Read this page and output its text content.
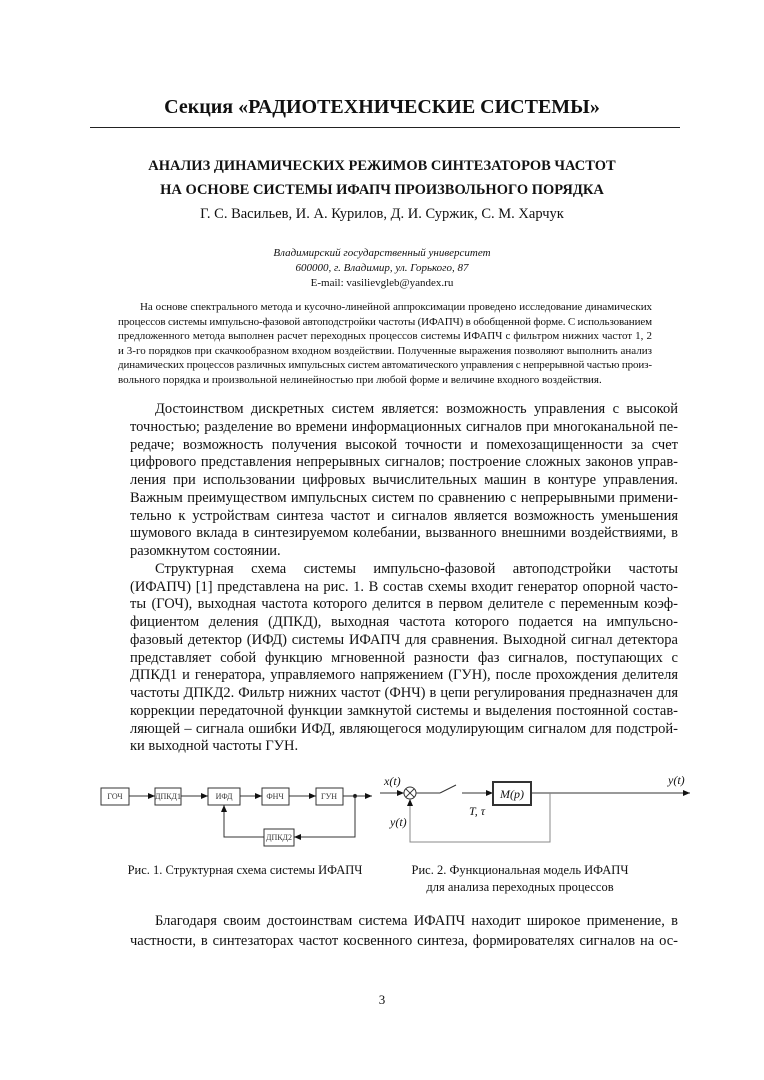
Секция «РАДИОТЕХНИЧЕСКИЕ СИСТЕМЫ»
АНАЛИЗ ДИНАМИЧЕСКИХ РЕЖИМОВ СИНТЕЗАТОРОВ ЧАСТОТ
НА ОСНОВЕ СИСТЕМЫ ИФАПЧ ПРОИЗВОЛЬНОГО ПОРЯДКА
Г. С. Васильев, И. А. Курилов, Д. И. Суржик, С. М. Харчук
Владимирский государственный университет
600000, г. Владимир, ул. Горького, 87
E-mail: vasilievgleb@yandex.ru
На основе спектрального метода и кусочно-линейной аппроксимации проведено исследование динамических
процессов системы импульсно-фазовой автоподстройки частоты (ИФАПЧ) в обобщенной форме. С использованием
предложенного метода выполнен расчет переходных процессов системы ИФАПЧ с фильтром нижних частот 1, 2
и 3-го порядков при скачкообразном входном воздействии. Полученные выражения позволяют выполнить анализ
динамических процессов различных импульсных систем автоматического управления с непрерывной частью произ-
вольного порядка и произвольной нелинейностью при любой форме и величине входного воздействия.
Достоинством дискретных систем является: возможность управления с высокой
точностью; разделение во времени информационных сигналов при многоканальной пе-
редаче; возможность получения высокой точности и помехозащищенности за счет
цифрового представления непрерывных сигналов; построение сложных законов управ-
ления при использовании цифровых вычислительных машин в контуре управления.
Важным преимуществом импульсных систем по сравнению с непрерывными примени-
тельно к устройствам синтеза частот и сигналов является возможность уменьшения
шумового вклада в синтезируемом колебании, вызванного внешними воздействиями, в
разомкнутом состоянии.
Структурная схема системы импульсно-фазовой автоподстройки частоты
(ИФАПЧ) [1] представлена на рис. 1. В состав схемы входит генератор опорной часто-
ты (ГОЧ), выходная частота которого делится в первом делителе с переменным коэф-
фициентом деления (ДПКД), выходная частота которого подается на импульсно-
фазовый детектор (ИФД) системы ИФАПЧ для сравнения. Выходной сигнал детектора
представляет собой функцию мгновенной разности фаз сигналов, поступающих с
ДПКД1 и генератора, управляемого напряжением (ГУН), после прохождения делителя
частоты ДПКД2. Фильтр нижних частот (ФНЧ) в цепи регулирования предназначен для
коррекции передаточной функции замкнутой системы и выделения постоянной состав-
ляющей – сигнала ошибки ИФД, являющегося модулирующим сигналом для подстрой-
ки выходной частоты ГУН.
ГОЧ	ДПКД1	ИФД	ФНЧ	ГУН
ДПКД2
x(t)	y(t)
y(t)
T, τ
M(p)
Рис. 1. Структурная схема системы ИФАПЧ	Рис. 2. Функциональная модель ИФАПЧ
для анализа переходных процессов
Благодаря своим достоинствам система ИФАПЧ находит широкое применение, в
частности, в синтезаторах частот косвенного синтеза, формирователях сигналов на ос-
3
